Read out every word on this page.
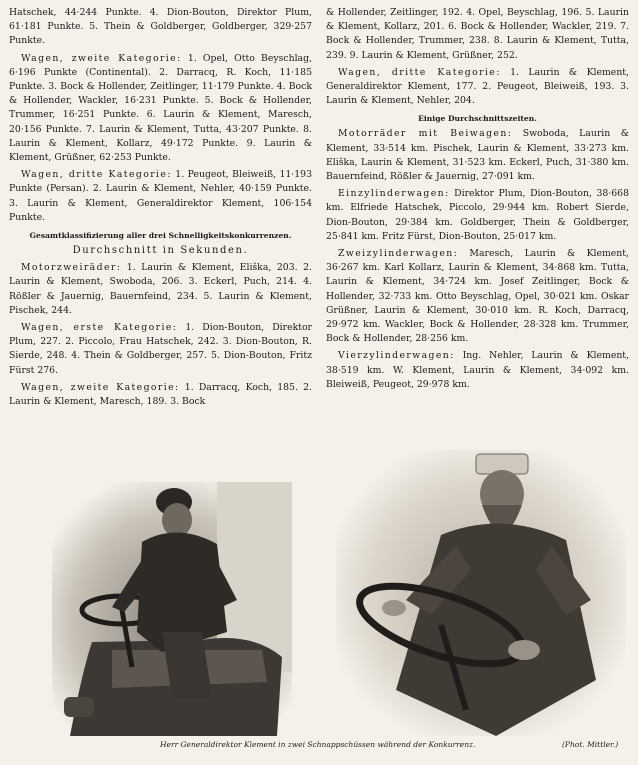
Hatschek, 44·244 Punkte. 4. Dion-Bouton, Direktor Plum, 61·181 Punkte. 5. Thein & Goldberger, Goldberger, 329·257 Punkte.

Wagen, zweite Kategorie: 1. Opel, Otto Beyschlag, 6·196 Punkte (Continental). 2. Darracq, R. Koch, 11·185 Punkte. 3. Bock & Hollender, Zeitlinger, 11·179 Punkte. 4. Bock & Hollender, Wackler, 16·231 Punkte. 5. Bock & Hollender, Trummer, 16·251 Punkte. 6. Laurin & Klement, Maresch, 20·156 Punkte. 7. Laurin & Klement, Tutta, 43·207 Punkte. 8. Laurin & Klement, Kollarz, 49·172 Punkte. 9. Laurin & Klement, Grüßner, 62·253 Punkte.

Wagen, dritte Kategorie: 1. Peugeot, Bleiweiß, 11·193 Punkte (Persan). 2. Laurin & Klement, Nehler, 40·159 Punkte. 3. Laurin & Klement, Generaldirektor Klement, 106·154 Punkte.

Gesamtklassifizierung aller drei Schnelligkeitskonkurrenzen.
Durchschnitt in Sekunden.

Motorzweiräder: 1. Laurin & Klement, Eliška, 203. 2. Laurin & Klement, Swoboda, 206. 3. Eckerl, Puch, 214. 4. Rößler & Jauernig, Bauernfeind, 234. 5. Laurin & Klement, Pischek, 244.

Wagen, erste Kategorie: 1. Dion-Bouton, Direktor Plum, 227. 2. Piccolo, Frau Hatschek, 242. 3. Dion-Bouton, R. Sierde, 248. 4. Thein & Goldberger, 257. 5. Dion-Bouton, Fritz Fürst 276.

Wagen, zweite Kategorie: 1. Darracq, Koch, 185. 2. Laurin & Klement, Maresch, 189. 3. Bock

& Hollender, Zeitlinger, 192. 4. Opel, Beyschlag, 196. 5. Laurin & Klement, Kollarz, 201. 6. Bock & Hollender, Wackler, 219. 7. Bock & Hollender, Trummer, 238. 8. Laurin & Klement, Tutta, 239. 9. Laurin & Klement, Grüßner, 252.

Wagen, dritte Kategorie: 1. Laurin & Klement, Generaldirektor Klement, 177. 2. Peugeot, Bleiweiß, 193. 3. Laurin & Klement, Nehler, 204.

Einige Durchschnittszeiten.

Motorräder mit Beiwagen: Swoboda, Laurin & Klement, 33·514 km. Pischek, Laurin & Klement, 33·273 km. Eliška, Laurin & Klement, 31·523 km. Eckerl, Puch, 31·380 km. Bauernfeind, Rößler & Jauernig, 27·091 km.

Einzylinderwagen: Direktor Plum, Dion-Bouton, 38·668 km. Elfriede Hatschek, Piccolo, 29·944 km. Robert Sierde, Dion-Bouton, 29·384 km. Goldberger, Thein & Goldberger, 25·841 km. Fritz Fürst, Dion-Bouton, 25·017 km.

Zweizylinderwagen: Maresch, Laurin & Klement, 36·267 km. Karl Kollarz, Laurin & Klement, 34·868 km. Tutta, Laurin & Klement, 34·724 km. Josef Zeitlinger, Bock & Hollender, 32·733 km. Otto Beyschlag, Opel, 30·021 km. Oskar Grüßner, Laurin & Klement, 30·010 km. R. Koch, Darracq, 29·972 km. Wackler, Bock & Hollender, 28·328 km. Trummer, Bock & Hollender, 28·256 km.

Vierzylinderwagen: Ing. Nehler, Laurin & Klement, 38·519 km. W. Klement, Laurin & Klement, 34·092 km. Bleiweiß, Peugeot, 29·978 km.

Herr Generaldirektor Klement in zwei Schnappschüssen während der Konkurrenz.	(Phot. Mittler.)
